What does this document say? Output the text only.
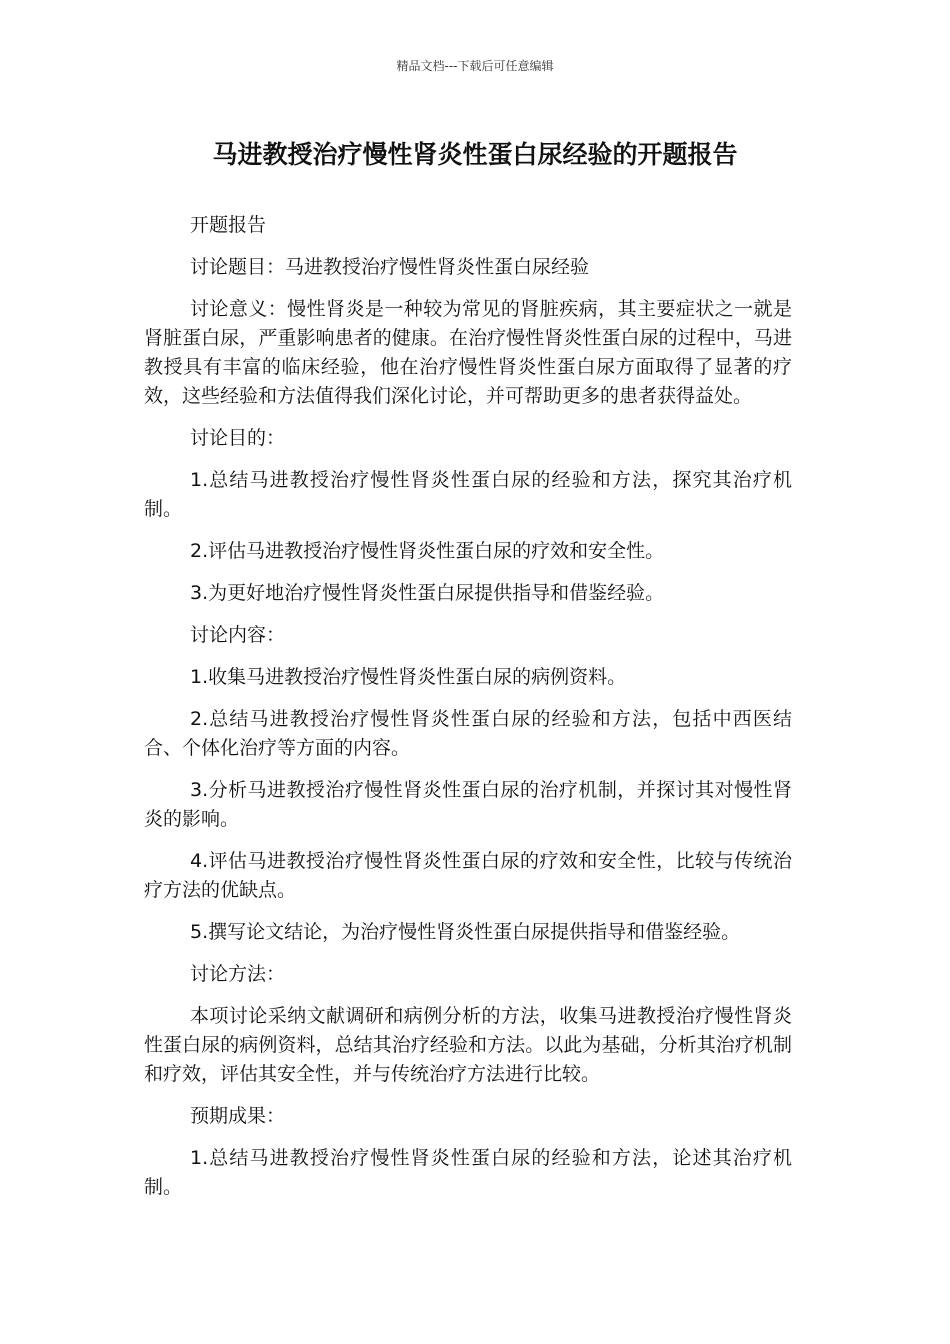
精品文档---下载后可任意编辑
马进教授治疗慢性肾炎性蛋白尿经验的开题报告

开题报告

讨论题目：马进教授治疗慢性肾炎性蛋白尿经验

讨论意义：慢性肾炎是一种较为常见的肾脏疾病，其主要症状之一就是肾脏蛋白尿，严重影响患者的健康。在治疗慢性肾炎性蛋白尿的过程中，马进教授具有丰富的临床经验，他在治疗慢性肾炎性蛋白尿方面取得了显著的疗效，这些经验和方法值得我们深化讨论，并可帮助更多的患者获得益处。

讨论目的：

1.总结马进教授治疗慢性肾炎性蛋白尿的经验和方法，探究其治疗机制。

2.评估马进教授治疗慢性肾炎性蛋白尿的疗效和安全性。

3.为更好地治疗慢性肾炎性蛋白尿提供指导和借鉴经验。

讨论内容：

1.收集马进教授治疗慢性肾炎性蛋白尿的病例资料。

2.总结马进教授治疗慢性肾炎性蛋白尿的经验和方法，包括中西医结合、个体化治疗等方面的内容。

3.分析马进教授治疗慢性肾炎性蛋白尿的治疗机制，并探讨其对慢性肾炎的影响。

4.评估马进教授治疗慢性肾炎性蛋白尿的疗效和安全性，比较与传统治疗方法的优缺点。

5.撰写论文结论，为治疗慢性肾炎性蛋白尿提供指导和借鉴经验。

讨论方法：

本项讨论采纳文献调研和病例分析的方法，收集马进教授治疗慢性肾炎性蛋白尿的病例资料，总结其治疗经验和方法。以此为基础，分析其治疗机制和疗效，评估其安全性，并与传统治疗方法进行比较。

预期成果：

1.总结马进教授治疗慢性肾炎性蛋白尿的经验和方法，论述其治疗机制。
